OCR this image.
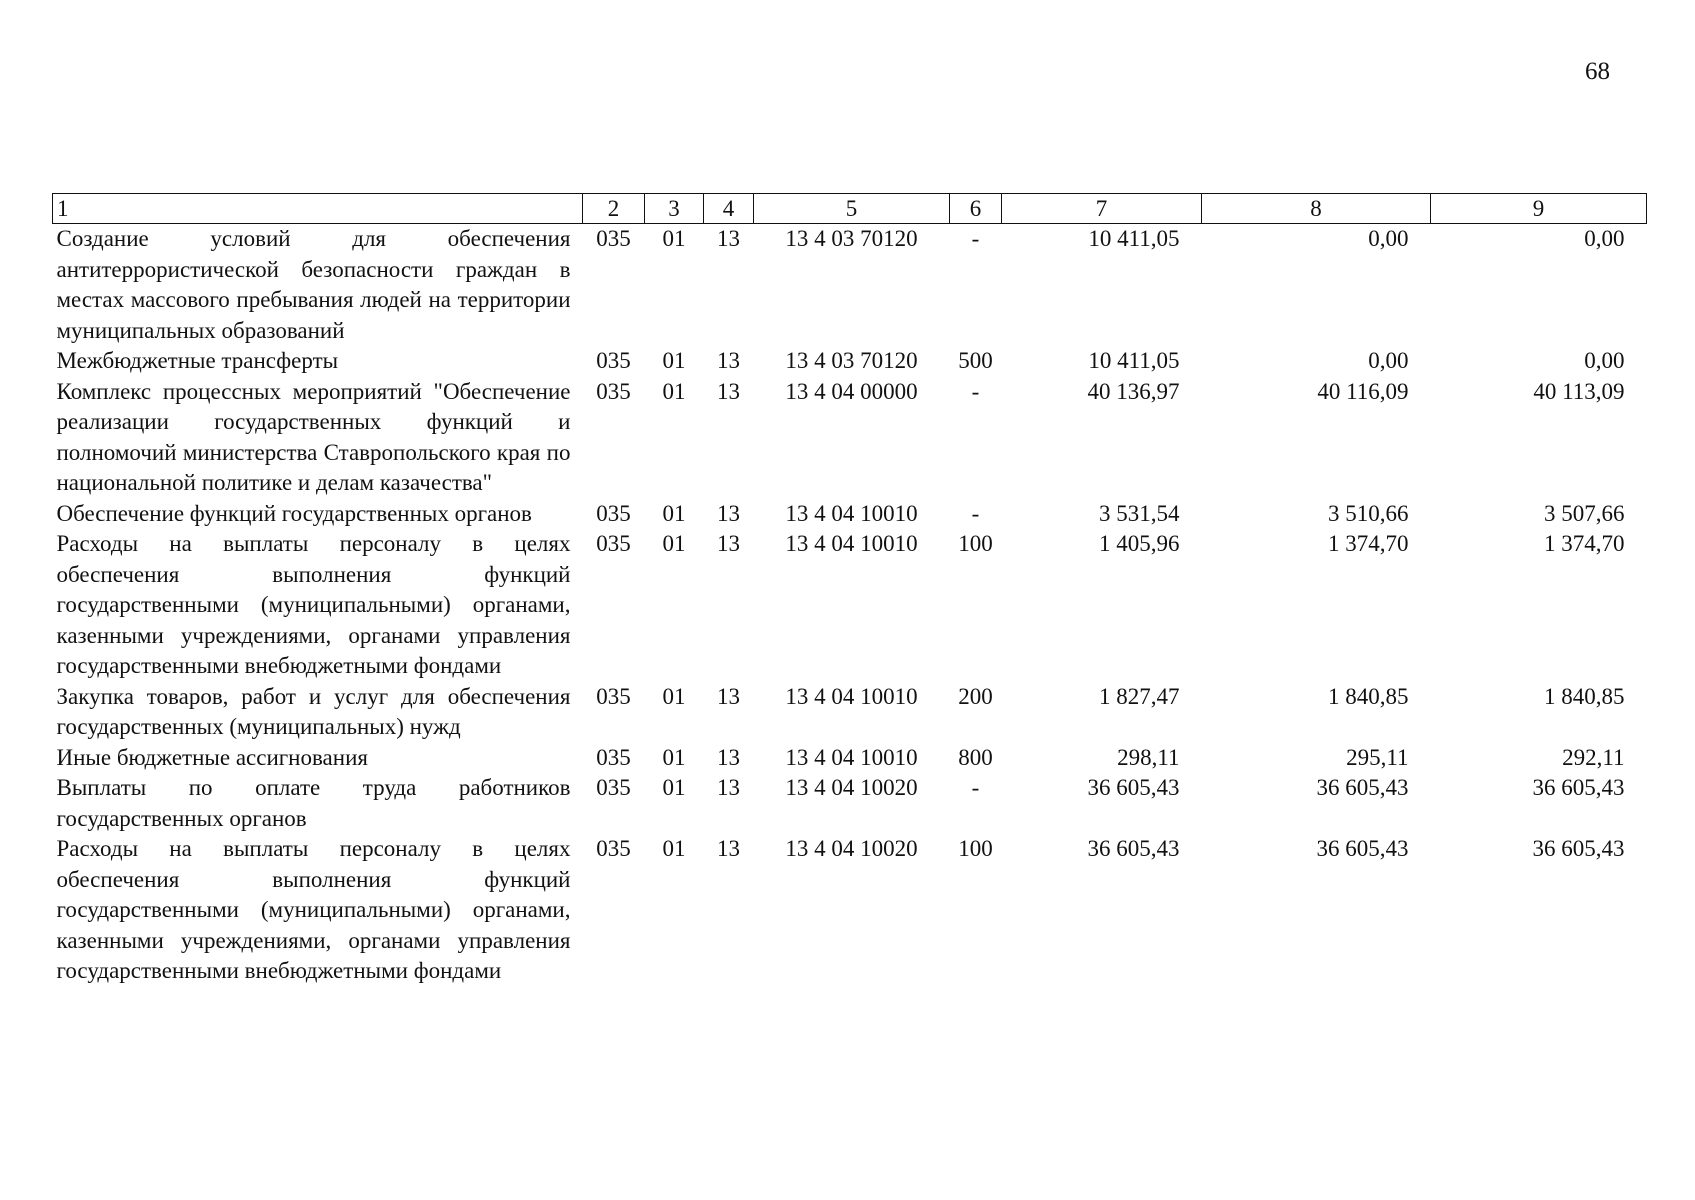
68
1	2	3	4	5	6	7	8	9
Создание условий для обеспечения антитеррористической безопасности граждан в местах массового пребывания людей на территории муниципальных образований	035	01	13	13 4 03 70120	-	10 411,05	0,00	0,00
Межбюджетные трансферты	035	01	13	13 4 03 70120	500	10 411,05	0,00	0,00
Комплекс процессных мероприятий "Обеспечение реализации государственных функций и полномочий министерства Ставропольского края по национальной политике и делам казачества"	035	01	13	13 4 04 00000	-	40 136,97	40 116,09	40 113,09
Обеспечение функций государственных органов	035	01	13	13 4 04 10010	-	3 531,54	3 510,66	3 507,66
Расходы на выплаты персоналу в целях обеспечения выполнения функций государственными (муниципальными) органами, казенными учреждениями, органами управления государственными внебюджетными фондами	035	01	13	13 4 04 10010	100	1 405,96	1 374,70	1 374,70
Закупка товаров, работ и услуг для обеспечения государственных (муниципальных) нужд	035	01	13	13 4 04 10010	200	1 827,47	1 840,85	1 840,85
Иные бюджетные ассигнования	035	01	13	13 4 04 10010	800	298,11	295,11	292,11
Выплаты по оплате труда работников государственных органов	035	01	13	13 4 04 10020	-	36 605,43	36 605,43	36 605,43
Расходы на выплаты персоналу в целях обеспечения выполнения функций государственными (муниципальными) органами, казенными учреждениями, органами управления государственными внебюджетными фондами	035	01	13	13 4 04 10020	100	36 605,43	36 605,43	36 605,43
